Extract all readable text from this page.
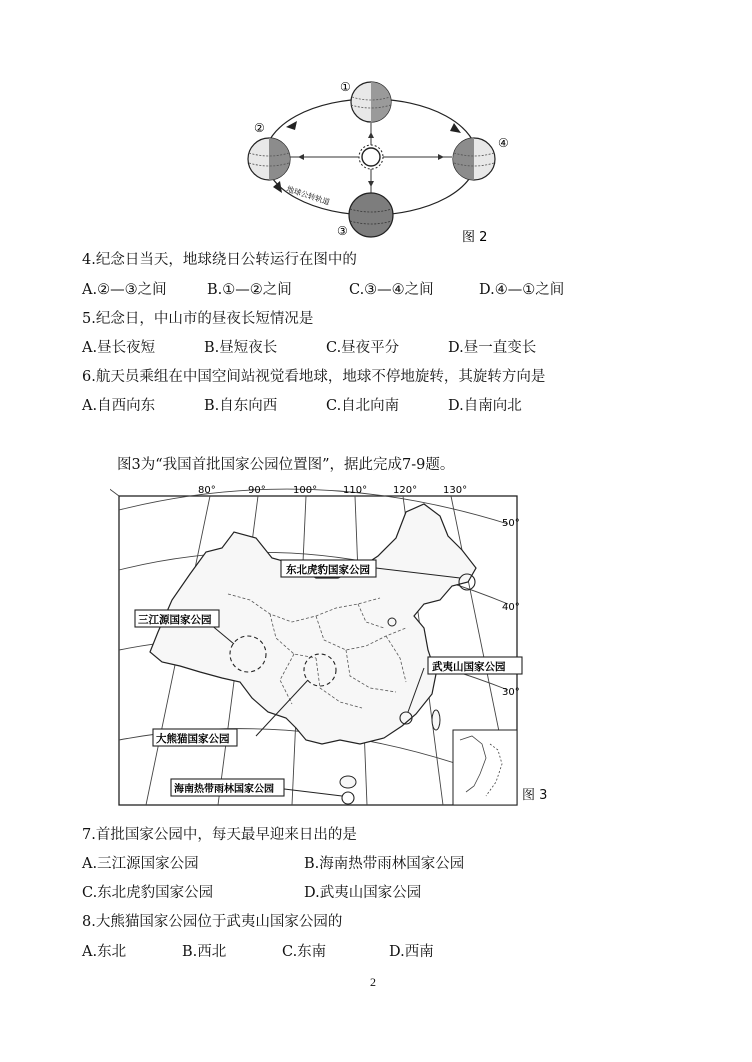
①
②
③
④
地球公转轨道
图 2
4.纪念日当天，地球绕日公转运行在图中的
A.②—③之间	B.①—②之间	C.③—④之间	D.④—①之间
5.纪念日，中山市的昼夜长短情况是
A.昼长夜短	B.昼短夜长	C.昼夜平分	D.昼一直变长
6.航天员乘组在中国空间站视觉看地球，地球不停地旋转，其旋转方向是
A.自西向东	B.自东向西	C.自北向南	D.自南向北
图3为“我国首批国家公园位置图”，据此完成7-9题。
东北虎豹国家公园
三江源国家公园
武夷山国家公园
大熊猫国家公园
海南热带雨林国家公园
80°	90°	100°	110°	120°	130°
50°
40°
30°
图 3
7.首批国家公园中，每天最早迎来日出的是
A.三江源国家公园	B.海南热带雨林国家公园
C.东北虎豹国家公园	D.武夷山国家公园
8.大熊猫国家公园位于武夷山国家公园的
A.东北	B.西北	C.东南	D.西南
2
